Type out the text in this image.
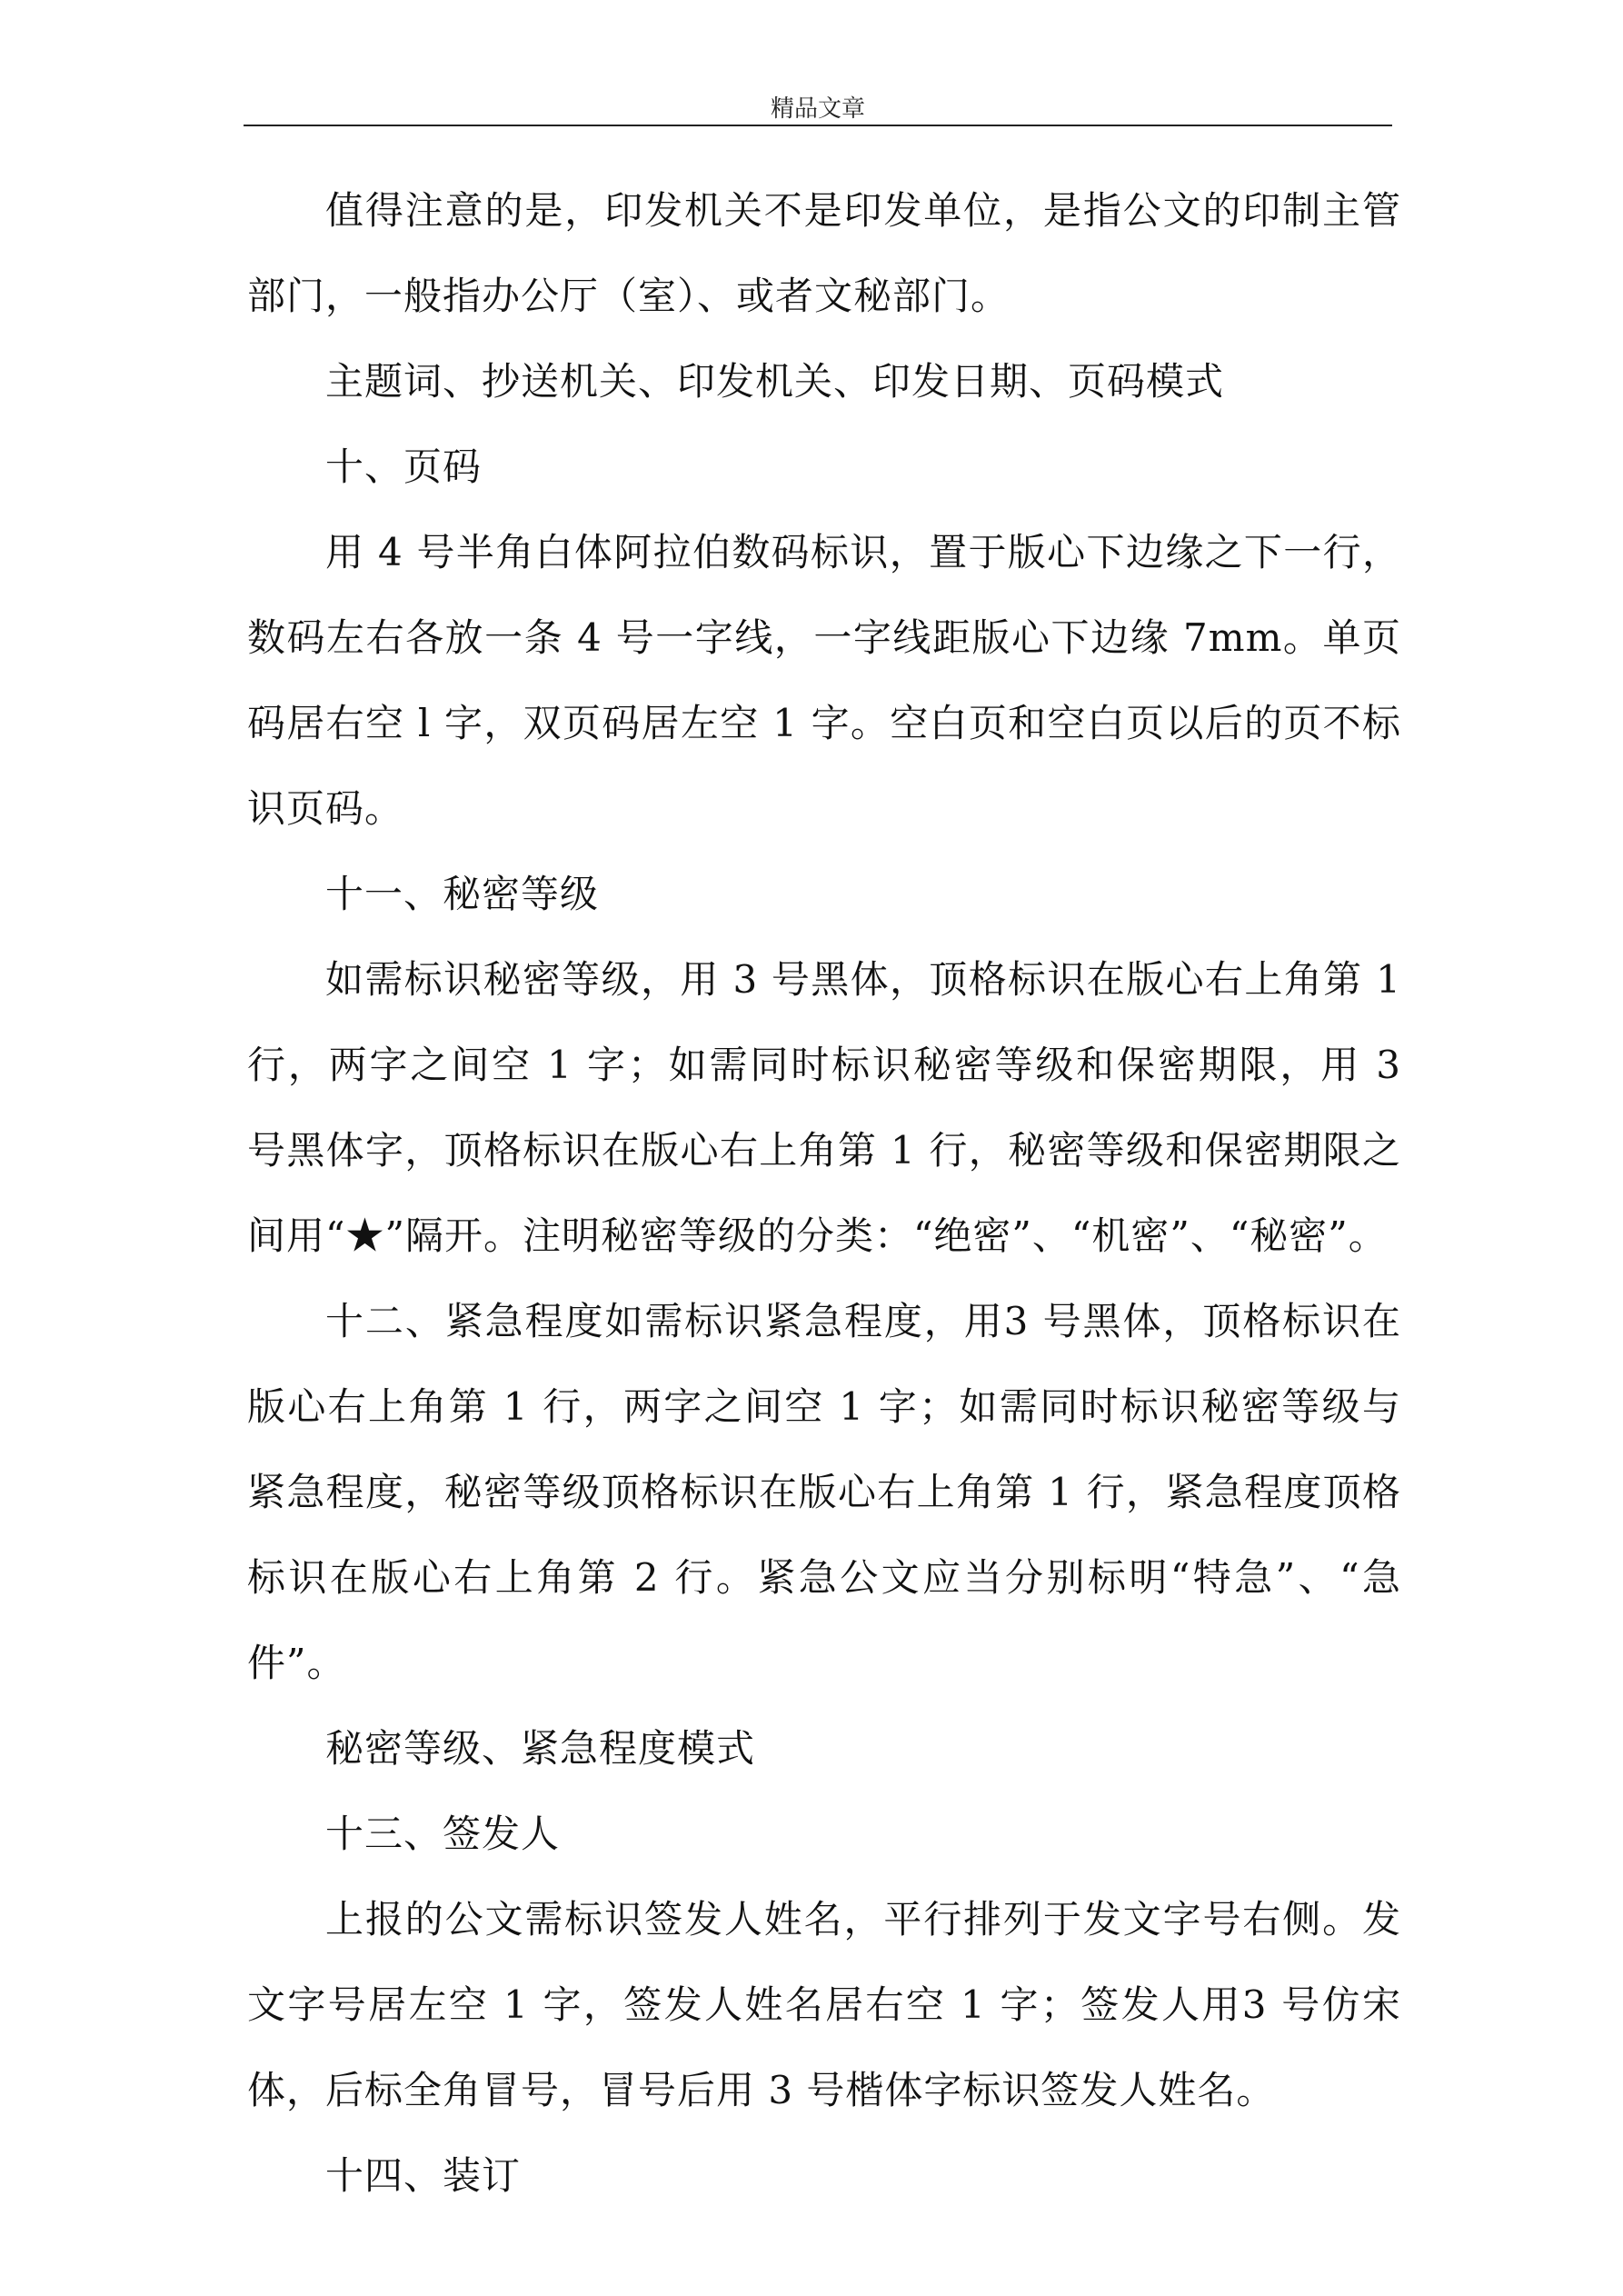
精品文章

值得注意的是，印发机关不是印发单位，是指公文的印制主管部门，一般指办公厅（室）、或者文秘部门。

主题词、抄送机关、印发机关、印发日期、页码模式

十、页码

用 4 号半角白体阿拉伯数码标识，置于版心下边缘之下一行，数码左右各放一条 4 号一字线，一字线距版心下边缘 7mm。单页码居右空 l 字，双页码居左空 1 字。空白页和空白页以后的页不标识页码。

十一、秘密等级

如需标识秘密等级，用 3 号黑体，顶格标识在版心右上角第 1 行，两字之间空 1 字；如需同时标识秘密等级和保密期限，用 3 号黑体字，顶格标识在版心右上角第 1 行，秘密等级和保密期限之间用“★”隔开。注明秘密等级的分类：“绝密”、“机密”、“秘密”。

十二、紧急程度如需标识紧急程度，用3 号黑体，顶格标识在版心右上角第 1 行，两字之间空 1 字；如需同时标识秘密等级与紧急程度，秘密等级顶格标识在版心右上角第 1 行，紧急程度顶格标识在版心右上角第 2 行。紧急公文应当分别标明“特急”、“急件”。

秘密等级、紧急程度模式

十三、签发人

上报的公文需标识签发人姓名，平行排列于发文字号右侧。发文字号居左空 1 字，签发人姓名居右空 1 字；签发人用3 号仿宋体，后标全角冒号，冒号后用 3 号楷体字标识签发人姓名。

十四、装订
